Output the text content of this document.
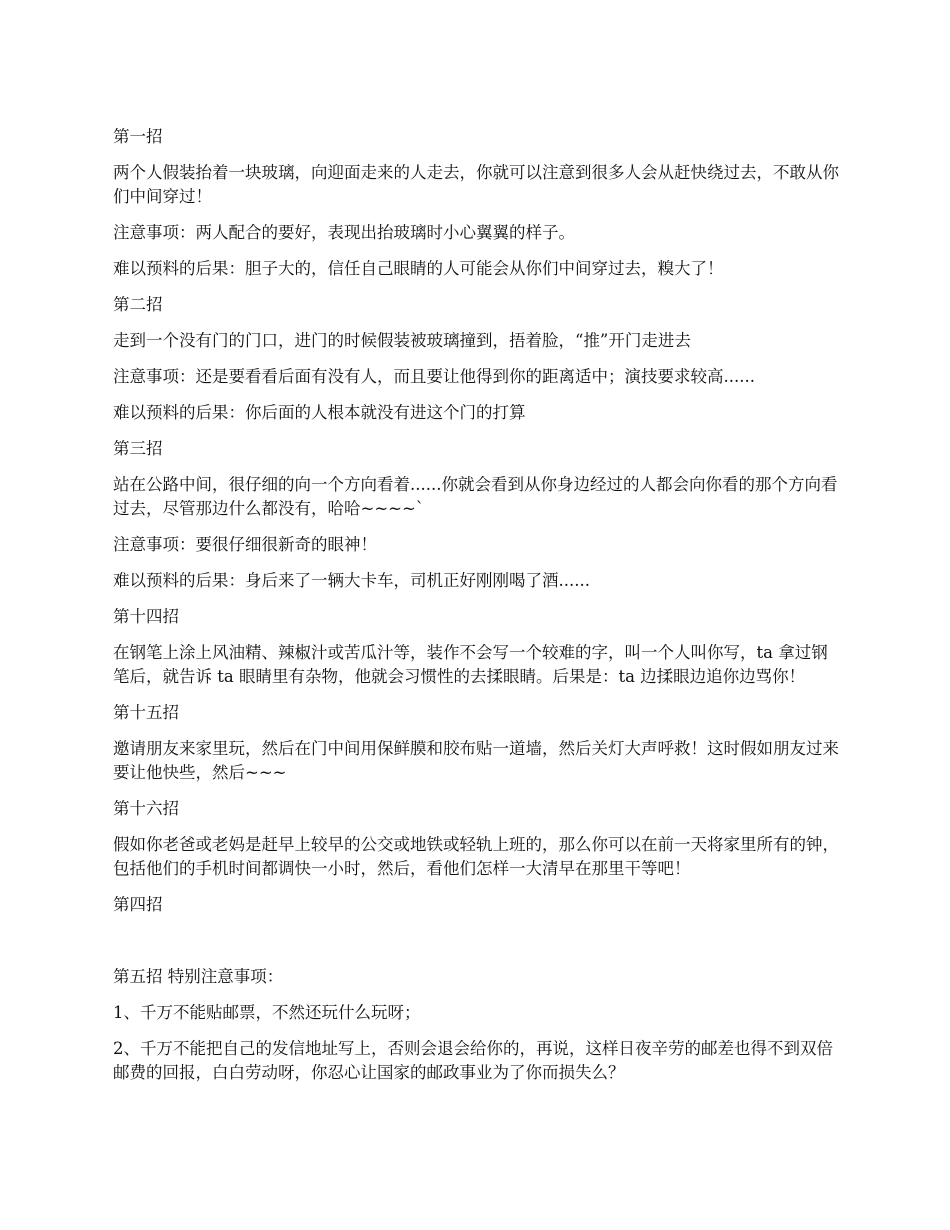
第一招

两个人假装抬着一块玻璃，向迎面走来的人走去，你就可以注意到很多人会从赶快绕过去，不敢从你们中间穿过！

注意事项：两人配合的要好，表现出抬玻璃时小心翼翼的样子。

难以预料的后果：胆子大的，信任自己眼睛的人可能会从你们中间穿过去，糗大了！

第二招

走到一个没有门的门口，进门的时候假装被玻璃撞到，捂着脸，“推”开门走进去

注意事项：还是要看看后面有没有人，而且要让他得到你的距离适中；演技要求较高......

难以预料的后果：你后面的人根本就没有进这个门的打算

第三招

站在公路中间，很仔细的向一个方向看着......你就会看到从你身边经过的人都会向你看的那个方向看过去，尽管那边什么都没有，哈哈~~~~`

注意事项：要很仔细很新奇的眼神！

难以预料的后果：身后来了一辆大卡车，司机正好刚刚喝了酒......

第十四招

在钢笔上涂上风油精、辣椒汁或苦瓜汁等，装作不会写一个较难的字，叫一个人叫你写，ta 拿过钢笔后，就告诉 ta 眼睛里有杂物，他就会习惯性的去揉眼睛。后果是：ta 边揉眼边追你边骂你！

第十五招

邀请朋友来家里玩，然后在门中间用保鲜膜和胶布贴一道墙，然后关灯大声呼救！这时假如朋友过来要让他快些，然后~~~

第十六招

假如你老爸或老妈是赶早上较早的公交或地铁或轻轨上班的，那么你可以在前一天将家里所有的钟，包括他们的手机时间都调快一小时，然后，看他们怎样一大清早在那里干等吧！

第四招

第五招 特别注意事项：

1、千万不能贴邮票，不然还玩什么玩呀；

2、千万不能把自己的发信地址写上，否则会退会给你的，再说，这样日夜辛劳的邮差也得不到双倍邮费的回报，白白劳动呀，你忍心让国家的邮政事业为了你而损失么？
